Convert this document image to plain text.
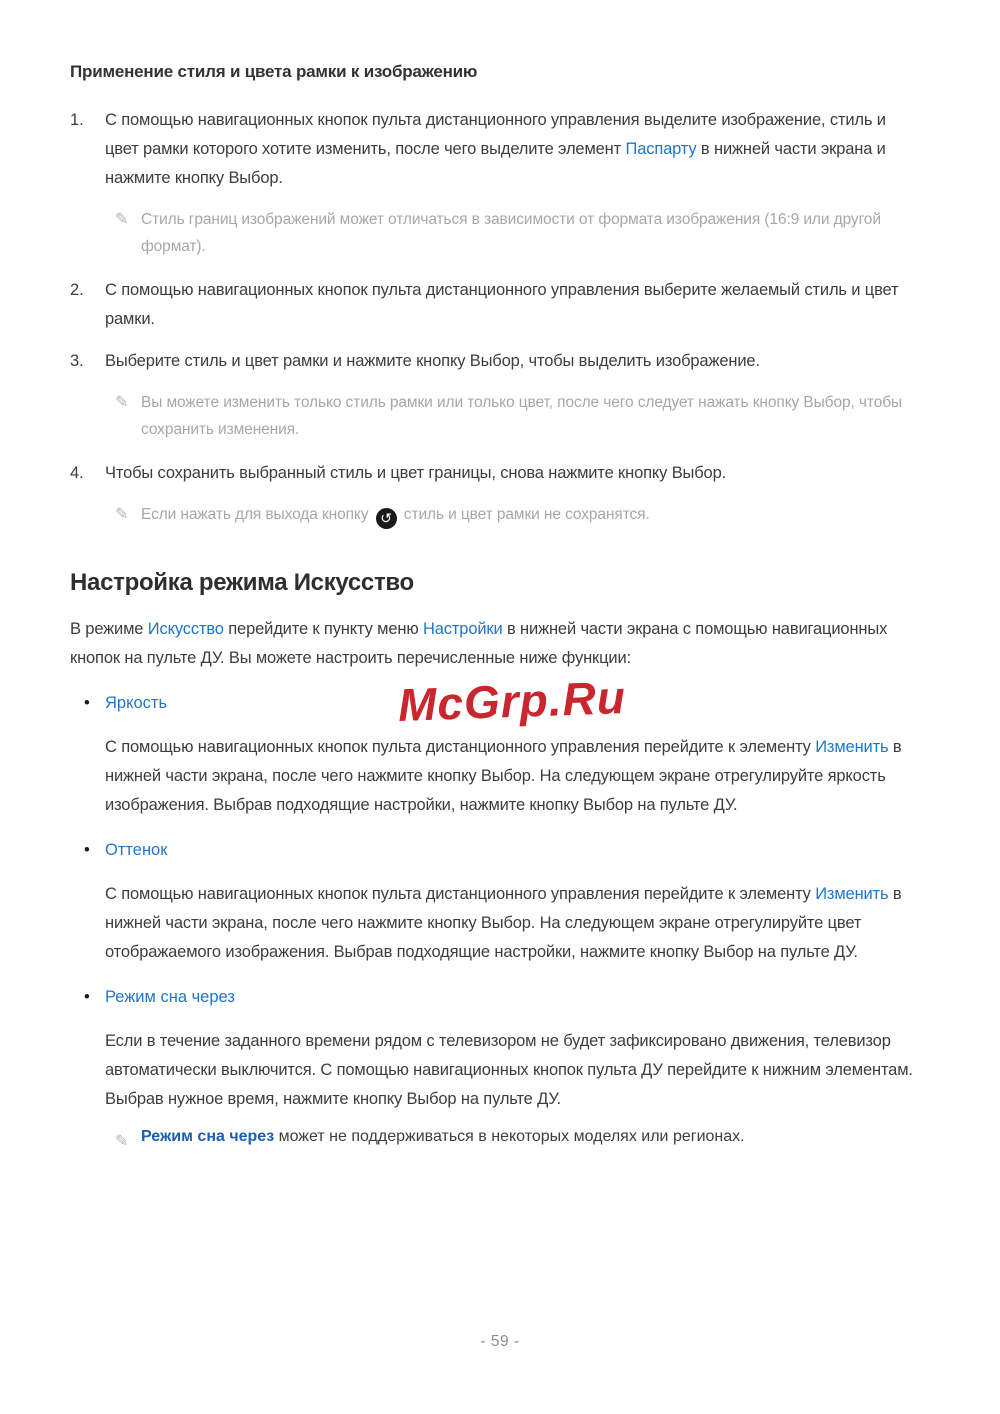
McGrp.Ru
Применение стиля и цвета рамки к изображению
1.	С помощью навигационных кнопок пульта дистанционного управления выделите изображение, стиль и цвет рамки которого хотите изменить, после чего выделите элемент Паспарту в нижней части экрана и нажмите кнопку Выбор.

✎ Стиль границ изображений может отличаться в зависимости от формата изображения (16:9 или другой формат).

2.	С помощью навигационных кнопок пульта дистанционного управления выберите желаемый стиль и цвет рамки.

3.	Выберите стиль и цвет рамки и нажмите кнопку Выбор, чтобы выделить изображение.

✎ Вы можете изменить только стиль рамки или только цвет, после чего следует нажать кнопку Выбор, чтобы сохранить изменения.

4.	Чтобы сохранить выбранный стиль и цвет границы, снова нажмите кнопку Выбор.

✎ Если нажать для выхода кнопку ↺ стиль и цвет рамки не сохранятся.

Настройка режима Искусство

В режиме Искусство перейдите к пункту меню Настройки в нижней части экрана с помощью навигационных кнопок на пульте ДУ. Вы можете настроить перечисленные ниже функции:

• Яркость

С помощью навигационных кнопок пульта дистанционного управления перейдите к элементу Изменить в нижней части экрана, после чего нажмите кнопку Выбор. На следующем экране отрегулируйте яркость изображения. Выбрав подходящие настройки, нажмите кнопку Выбор на пульте ДУ.

• Оттенок

С помощью навигационных кнопок пульта дистанционного управления перейдите к элементу Изменить в нижней части экрана, после чего нажмите кнопку Выбор. На следующем экране отрегулируйте цвет отображаемого изображения. Выбрав подходящие настройки, нажмите кнопку Выбор на пульте ДУ.

• Режим сна через

Если в течение заданного времени рядом с телевизором не будет зафиксировано движения, телевизор автоматически выключится. С помощью навигационных кнопок пульта ДУ перейдите к нижним элементам. Выбрав нужное время, нажмите кнопку Выбор на пульте ДУ.

✎ Режим сна через может не поддерживаться в некоторых моделях или регионах.

- 59 -
